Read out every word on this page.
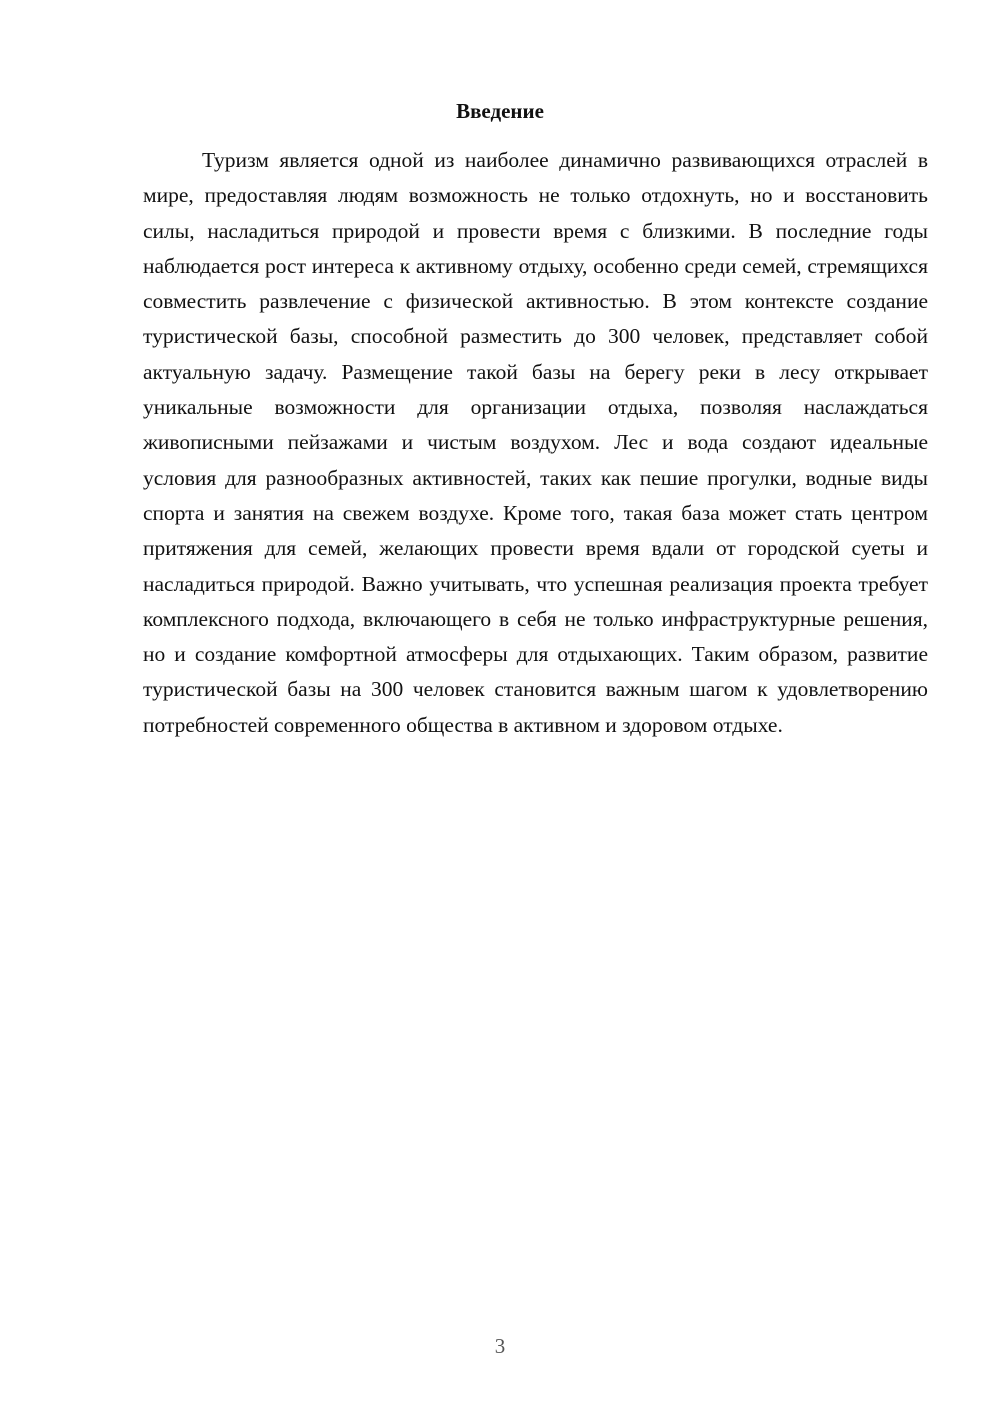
Введение

Туризм является одной из наиболее динамично развивающихся отраслей в мире, предоставляя людям возможность не только отдохнуть, но и восстановить силы, насладиться природой и провести время с близкими. В последние годы наблюдается рост интереса к активному отдыху, особенно среди семей, стремящихся совместить развлечение с физической активностью. В этом контексте создание туристической базы, способной разместить до 300 человек, представляет собой актуальную задачу. Размещение такой базы на берегу реки в лесу открывает уникальные возможности для организации отдыха, позволяя наслаждаться живописными пейзажами и чистым воздухом. Лес и вода создают идеальные условия для разнообразных активностей, таких как пешие прогулки, водные виды спорта и занятия на свежем воздухе. Кроме того, такая база может стать центром притяжения для семей, желающих провести время вдали от городской суеты и насладиться природой. Важно учитывать, что успешная реализация проекта требует комплексного подхода, включающего в себя не только инфраструктурные решения, но и создание комфортной атмосферы для отдыхающих. Таким образом, развитие туристической базы на 300 человек становится важным шагом к удовлетворению потребностей современного общества в активном и здоровом отдыхе.

3
